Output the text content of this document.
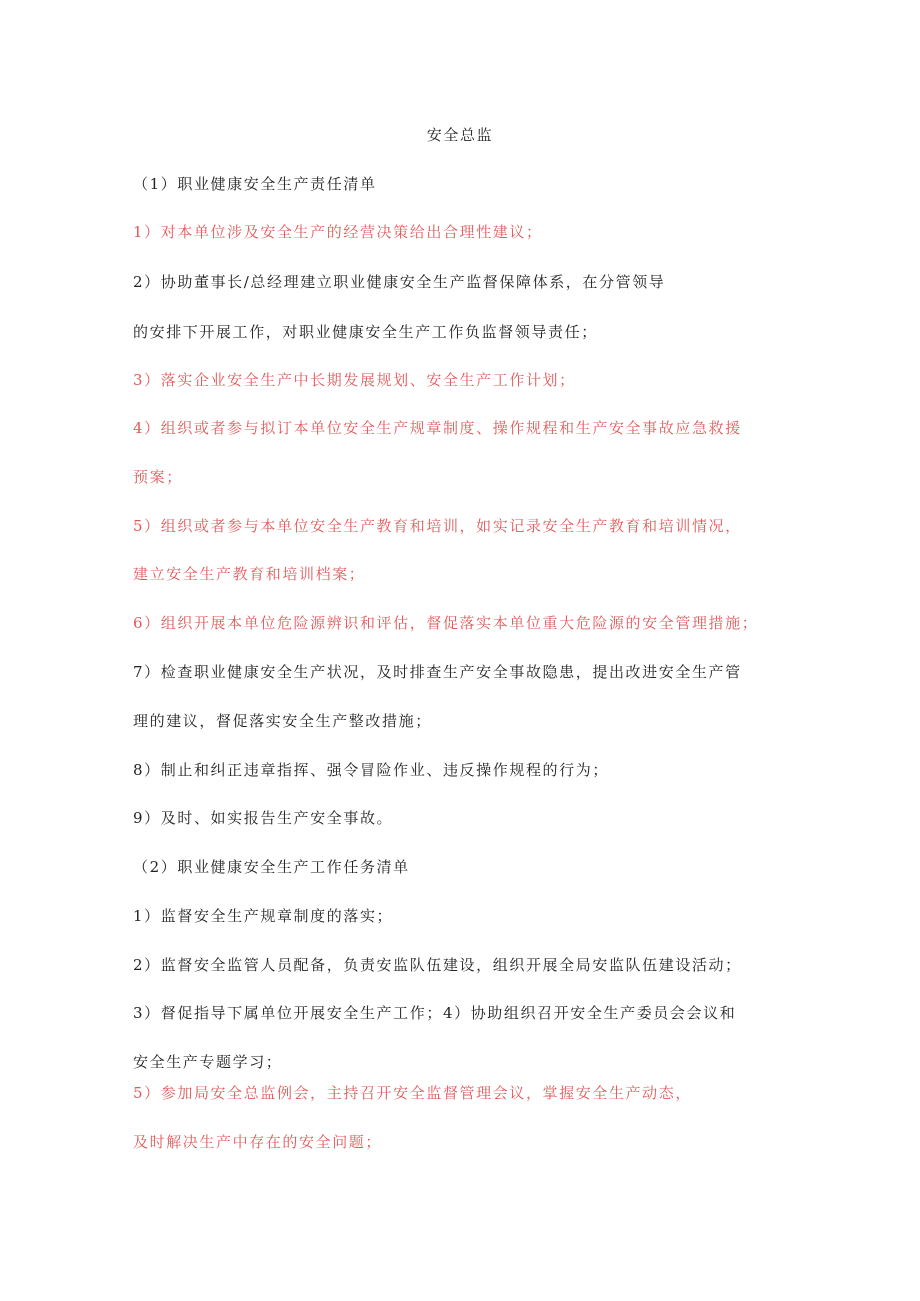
安全总监
（1）职业健康安全生产责任清单
1）对本单位涉及安全生产的经营决策给出合理性建议；
2）协助董事长/总经理建立职业健康安全生产监督保障体系，在分管领导
的安排下开展工作，对职业健康安全生产工作负监督领导责任；
3）落实企业安全生产中长期发展规划、安全生产工作计划；
4）组织或者参与拟订本单位安全生产规章制度、操作规程和生产安全事故应急救援
预案；
5）组织或者参与本单位安全生产教育和培训，如实记录安全生产教育和培训情况，
建立安全生产教育和培训档案；
6）组织开展本单位危险源辨识和评估，督促落实本单位重大危险源的安全管理措施；
7）检查职业健康安全生产状况，及时排查生产安全事故隐患，提出改进安全生产管
理的建议，督促落实安全生产整改措施；
8）制止和纠正违章指挥、强令冒险作业、违反操作规程的行为；
9）及时、如实报告生产安全事故。
（2）职业健康安全生产工作任务清单
1）监督安全生产规章制度的落实；
2）监督安全监管人员配备，负责安监队伍建设，组织开展全局安监队伍建设活动；
3）督促指导下属单位开展安全生产工作；4）协助组织召开安全生产委员会会议和
安全生产专题学习；
5）参加局安全总监例会，主持召开安全监督管理会议，掌握安全生产动态，
及时解决生产中存在的安全问题；
